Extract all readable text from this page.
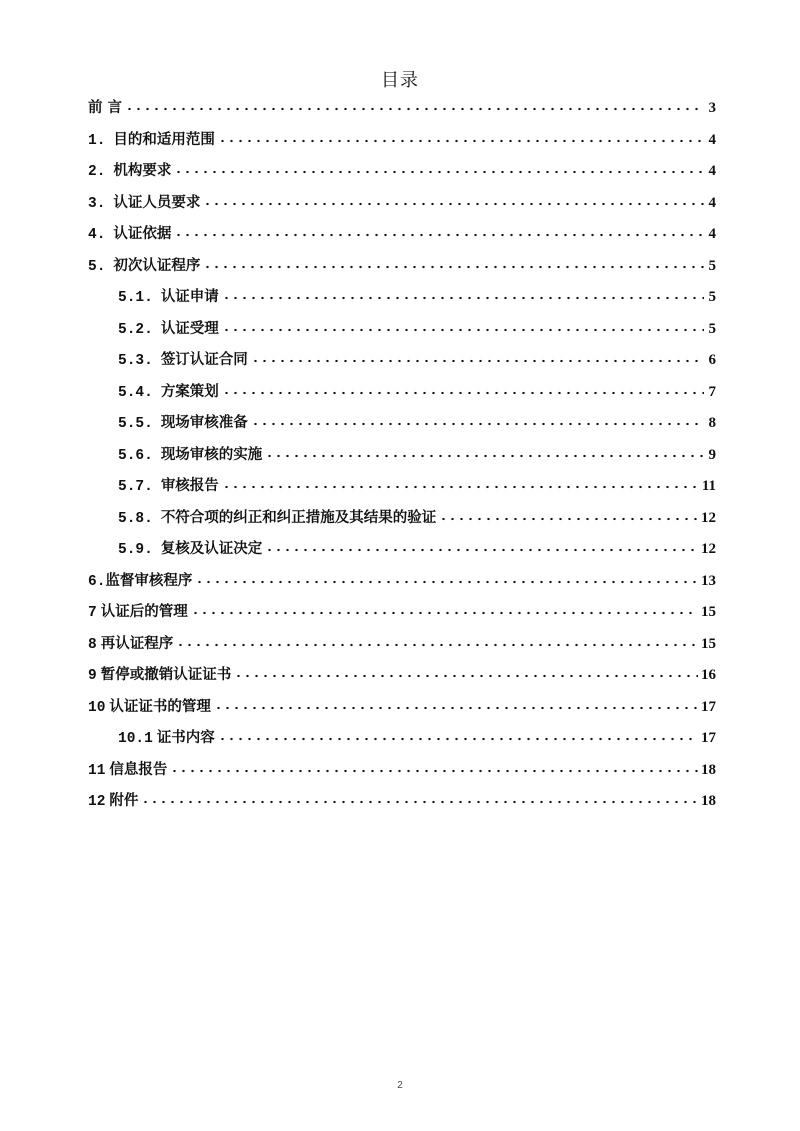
目录
前 言	3
1. 目的和适用范围	4
2. 机构要求	4
3. 认证人员要求	4
4. 认证依据	4
5. 初次认证程序	5
5.1. 认证申请	5
5.2. 认证受理	5
5.3. 签订认证合同	6
5.4. 方案策划	7
5.5. 现场审核准备	8
5.6. 现场审核的实施	9
5.7. 审核报告	11
5.8. 不符合项的纠正和纠正措施及其结果的验证	12
5.9. 复核及认证决定	12
6. 监督审核程序	13
7 认证后的管理	15
8 再认证程序	15
9 暂停或撤销认证证书	16
10 认证证书的管理	17
10.1 证书内容	17
11 信息报告	18
12 附件	18
2
